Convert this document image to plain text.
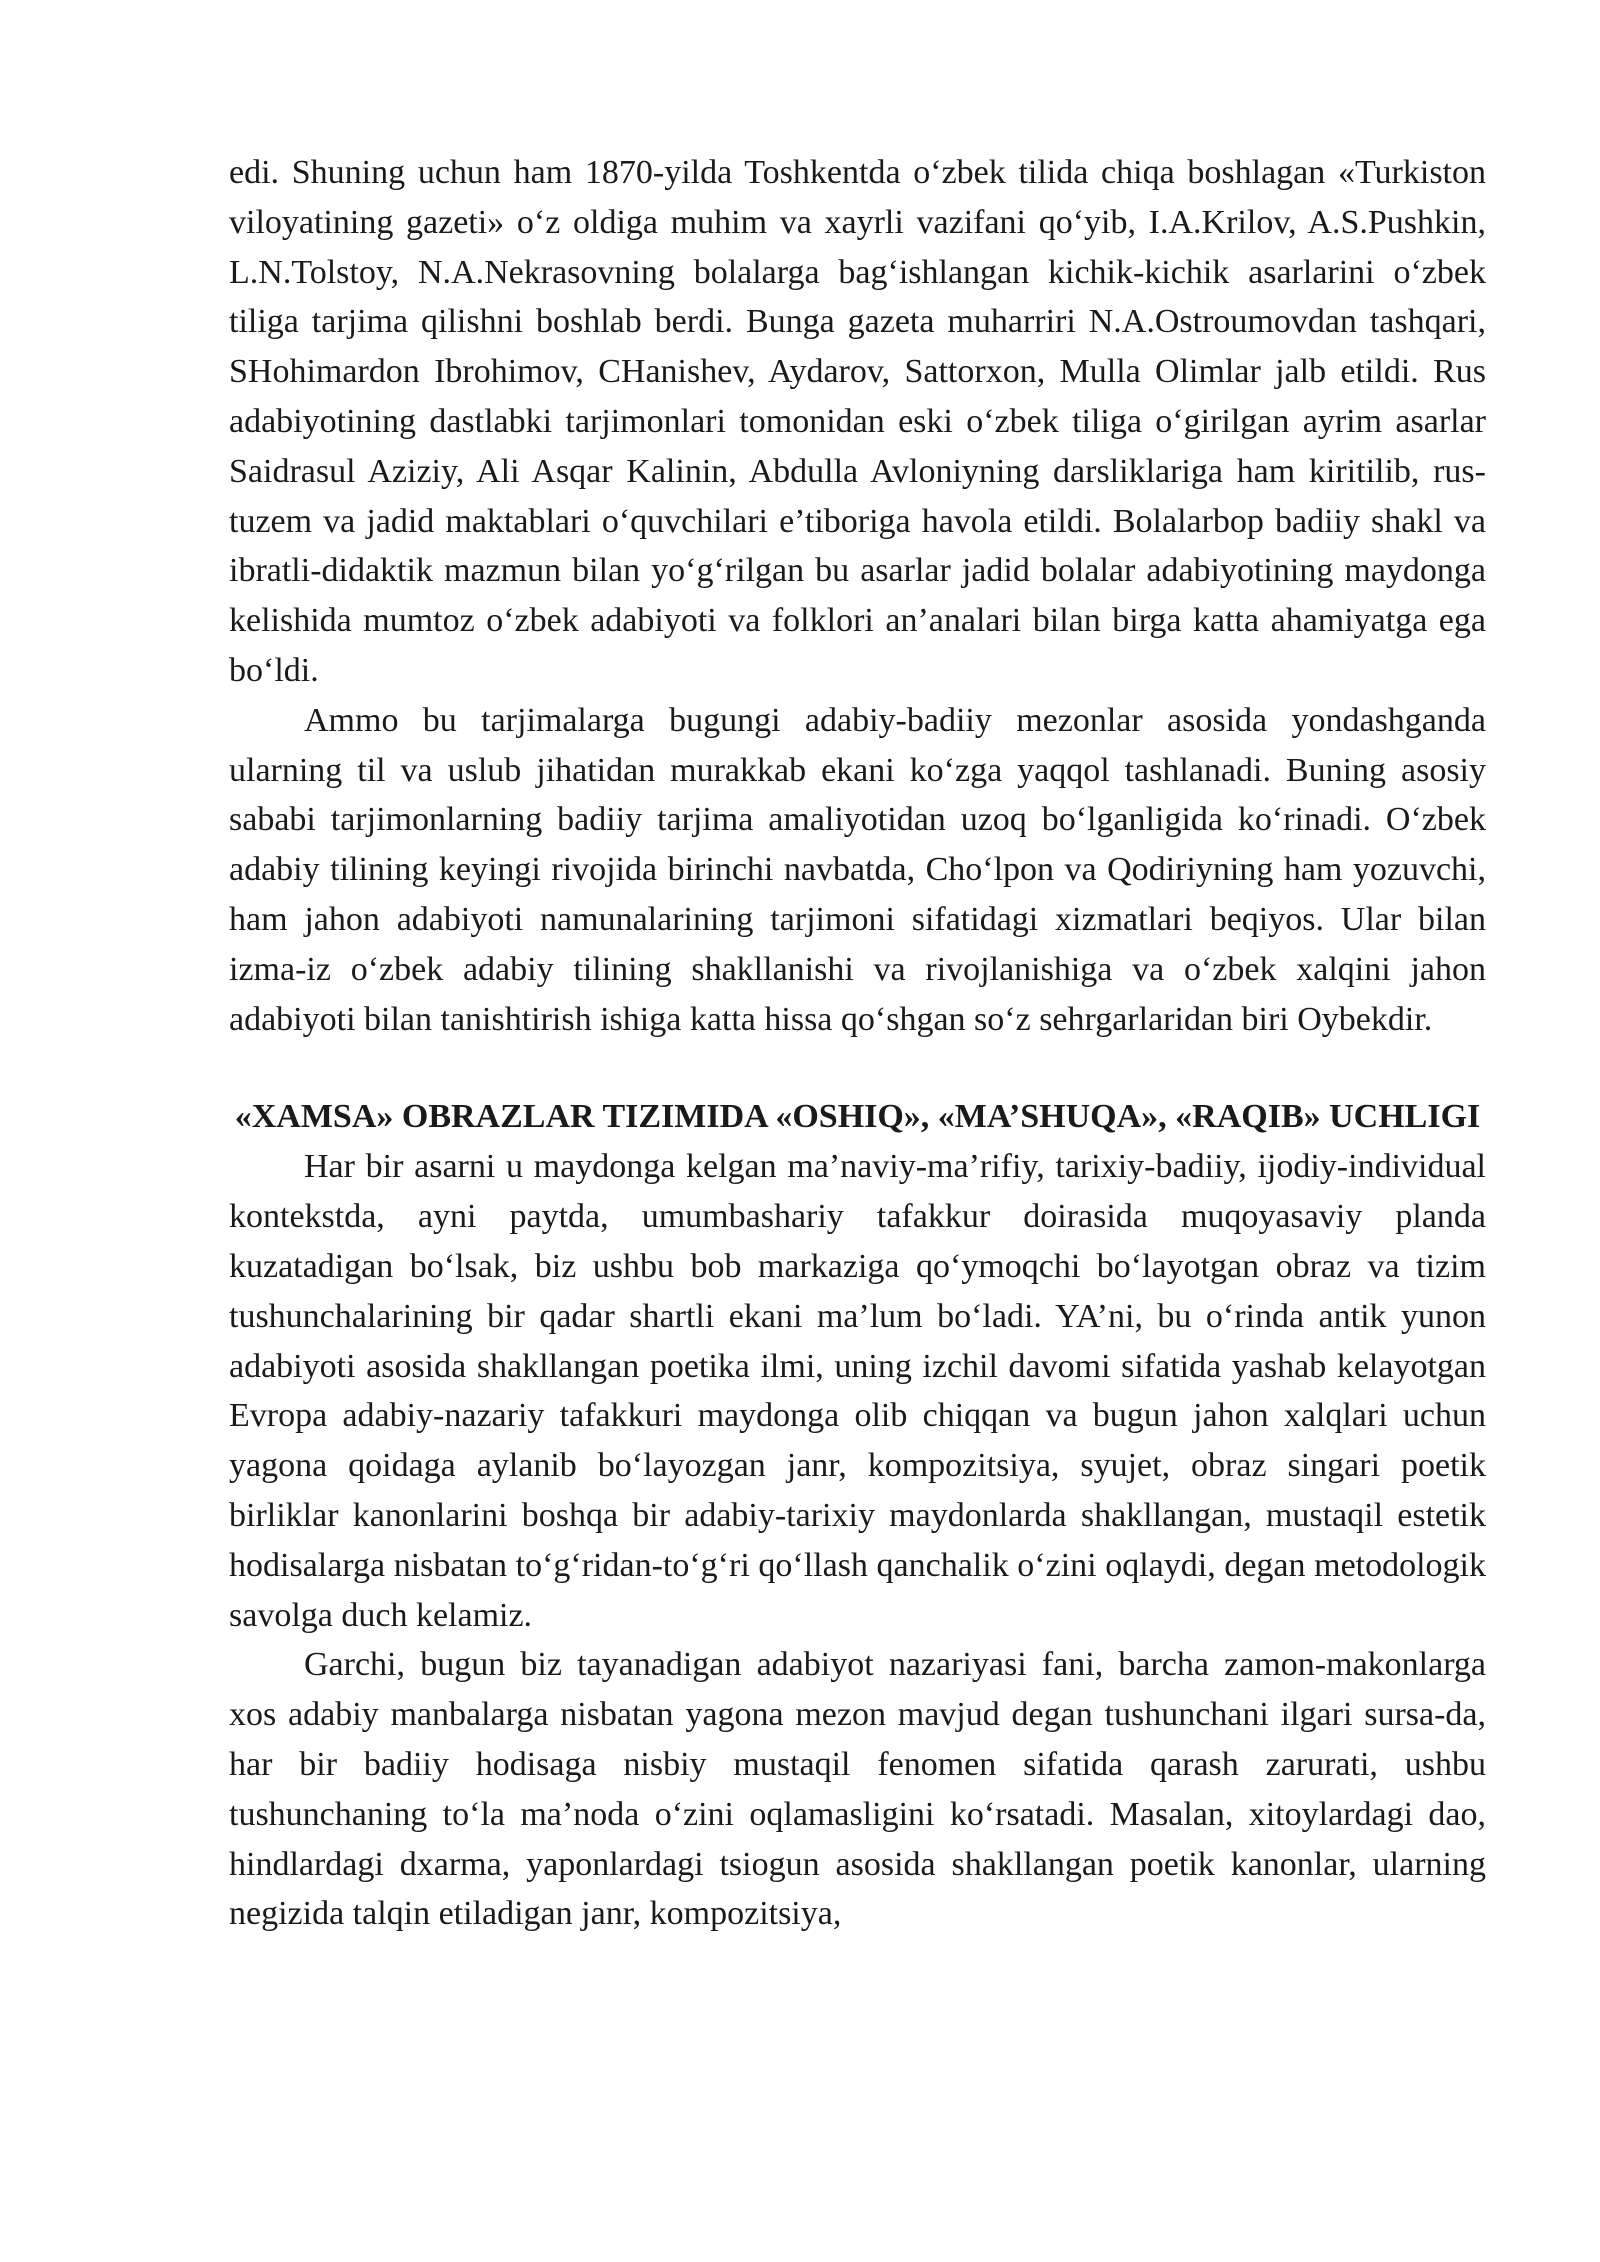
edi. Shuning uchun ham 1870-yilda Toshkentda o‘zbek tilida chiqa boshlagan «Turkiston viloyatining gazeti» o‘z oldiga muhim va xayrli vazifani qo‘yib, I.A.Krilov, A.S.Pushkin, L.N.Tolstoy, N.A.Nekrasovning bolalarga bag‘ishlangan kichik-kichik asarlarini o‘zbek tiliga tarjima qilishni boshlab berdi. Bunga gazeta muharriri N.A.Ostroumovdan tashqari, SHohimardon Ibrohimov, CHanishev, Aydarov, Sattorxon, Mulla Olimlar jalb etildi. Rus adabiyotining dastlabki tarjimonlari tomonidan eski o‘zbek tiliga o‘girilgan ayrim asarlar Saidrasul Aziziy, Ali Asqar Kalinin, Abdulla Avloniyning darsliklariga ham kiritilib, rus-tuzem va jadid maktablari o‘quvchilari e’tiboriga havola etildi. Bolalarbop badiiy shakl va ibratli-didaktik mazmun bilan yo‘g‘rilgan bu asarlar jadid bolalar adabiyotining maydonga kelishida mumtoz o‘zbek adabiyoti va folklori an’analari bilan birga katta ahamiyatga ega bo‘ldi.

Ammo bu tarjimalarga bugungi adabiy-badiiy mezonlar asosida yondashganda ularning til va uslub jihatidan murakkab ekani ko‘zga yaqqol tashlanadi. Buning asosiy sababi tarjimonlarning badiiy tarjima amaliyotidan uzoq bo‘lganligida ko‘rinadi. O‘zbek adabiy tilining keyingi rivojida birinchi navbatda, Cho‘lpon va Qodiriyning ham yozuvchi, ham jahon adabiyoti namunalarining tarjimoni sifatidagi xizmatlari beqiyos. Ular bilan izma-iz o‘zbek adabiy tilining shakllanishi va rivojlanishiga va o‘zbek xalqini jahon adabiyoti bilan tanishtirish ishiga katta hissa qo‘shgan so‘z sehrgarlaridan biri Oybekdir.

«XAMSA» OBRAZLAR TIZIMIDA «OSHIQ», «MA’SHUQA», «RAQIB» UCHLIGI

Har bir asarni u maydonga kelgan ma’naviy-ma’rifiy, tarixiy-badiiy, ijodiy-individual kontekstda, ayni paytda, umumbashariy tafakkur doirasida muqoyasaviy planda kuzatadigan bo‘lsak, biz ushbu bob markaziga qo‘ymoqchi bo‘layotgan obraz va tizim tushunchalarining bir qadar shartli ekani ma’lum bo‘ladi. YA’ni, bu o‘rinda antik yunon adabiyoti asosida shakllangan poetika ilmi, uning izchil davomi sifatida yashab kelayotgan Evropa adabiy-nazariy tafakkuri maydonga olib chiqqan va bugun jahon xalqlari uchun yagona qoidaga aylanib bo‘layozgan janr, kompozitsiya, syujet, obraz singari poetik birliklar kanonlarini boshqa bir adabiy-tarixiy maydonlarda shakllangan, mustaqil estetik hodisalarga nisbatan to‘g‘ridan-to‘g‘ri qo‘llash qanchalik o‘zini oqlaydi, degan metodologik savolga duch kelamiz.

Garchi, bugun biz tayanadigan adabiyot nazariyasi fani, barcha zamon-makonlarga xos adabiy manbalarga nisbatan yagona mezon mavjud degan tushunchani ilgari sursa-da, har bir badiiy hodisaga nisbiy mustaqil fenomen sifatida qarash zarurati, ushbu tushunchaning to‘la ma’noda o‘zini oqlamasligini ko‘rsatadi. Masalan, xitoylardagi dao, hindlardagi dxarma, yaponlardagi tsiogun asosida shakllangan poetik kanonlar, ularning negizida talqin etiladigan janr, kompozitsiya,
